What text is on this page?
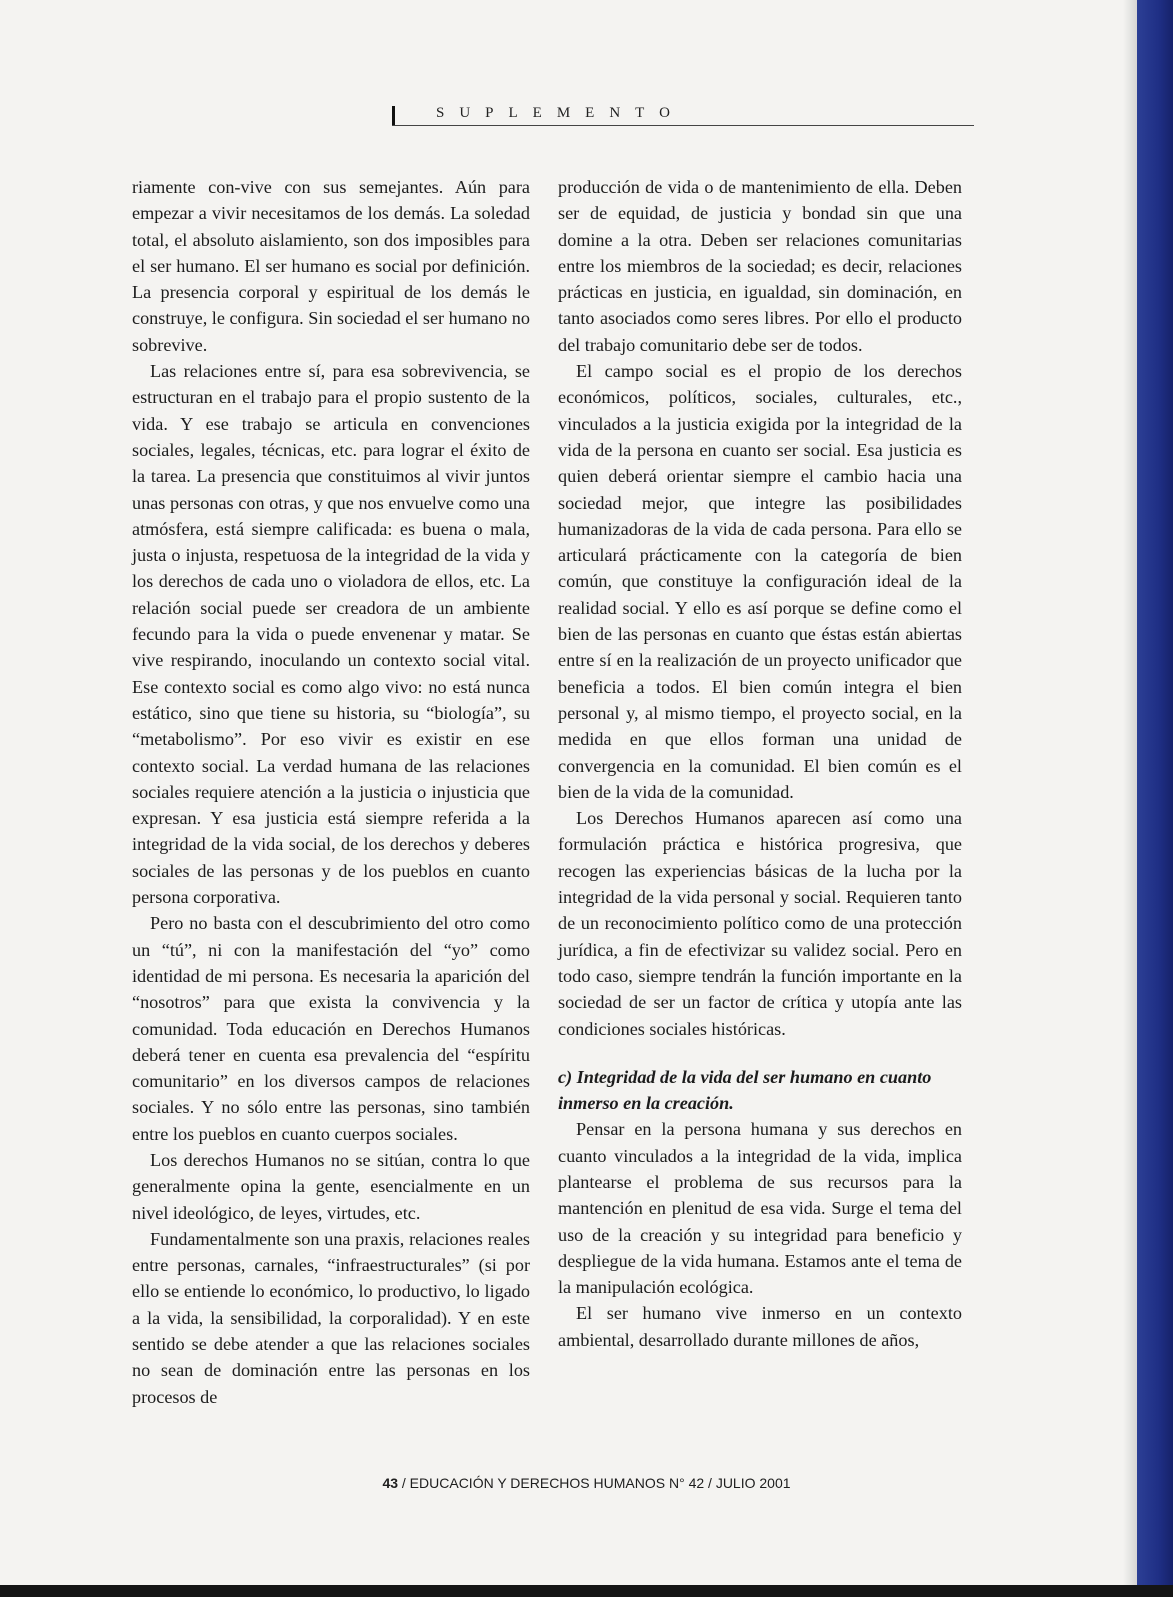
SUPLEMENTO

riamente con-vive con sus semejantes. Aún para empezar a vivir necesitamos de los demás. La soledad total, el absoluto aislamiento, son dos imposibles para el ser humano. El ser humano es social por definición. La presencia corporal y espiritual de los demás le construye, le configura. Sin sociedad el ser humano no sobrevive.

Las relaciones entre sí, para esa sobrevivencia, se estructuran en el trabajo para el propio sustento de la vida. Y ese trabajo se articula en convenciones sociales, legales, técnicas, etc. para lograr el éxito de la tarea. La presencia que constituimos al vivir juntos unas personas con otras, y que nos envuelve como una atmósfera, está siempre calificada: es buena o mala, justa o injusta, respetuosa de la integridad de la vida y los derechos de cada uno o violadora de ellos, etc. La relación social puede ser creadora de un ambiente fecundo para la vida o puede envenenar y matar. Se vive respirando, inoculando un contexto social vital. Ese contexto social es como algo vivo: no está nunca estático, sino que tiene su historia, su “biología”, su “metabolismo”. Por eso vivir es existir en ese contexto social. La verdad humana de las relaciones sociales requiere atención a la justicia o injusticia que expresan. Y esa justicia está siempre referida a la integridad de la vida social, de los derechos y deberes sociales de las personas y de los pueblos en cuanto persona corporativa.

Pero no basta con el descubrimiento del otro como un “tú”, ni con la manifestación del “yo” como identidad de mi persona. Es necesaria la aparición del “nosotros” para que exista la convivencia y la comunidad. Toda educación en Derechos Humanos deberá tener en cuenta esa prevalencia del “espíritu comunitario” en los diversos campos de relaciones sociales. Y no sólo entre las personas, sino también entre los pueblos en cuanto cuerpos sociales.

Los derechos Humanos no se sitúan, contra lo que generalmente opina la gente, esencialmente en un nivel ideológico, de leyes, virtudes, etc.

Fundamentalmente son una praxis, relaciones reales entre personas, carnales, “infraestructurales” (si por ello se entiende lo económico, lo productivo, lo ligado a la vida, la sensibilidad, la corporalidad). Y en este sentido se debe atender a que las relaciones sociales no sean de dominación entre las personas en los procesos de

producción de vida o de mantenimiento de ella. Deben ser de equidad, de justicia y bondad sin que una domine a la otra. Deben ser relaciones comunitarias entre los miembros de la sociedad; es decir, relaciones prácticas en justicia, en igualdad, sin dominación, en tanto asociados como seres libres. Por ello el producto del trabajo comunitario debe ser de todos.

El campo social es el propio de los derechos económicos, políticos, sociales, culturales, etc., vinculados a la justicia exigida por la integridad de la vida de la persona en cuanto ser social. Esa justicia es quien deberá orientar siempre el cambio hacia una sociedad mejor, que integre las posibilidades humanizadoras de la vida de cada persona. Para ello se articulará prácticamente con la categoría de bien común, que constituye la configuración ideal de la realidad social. Y ello es así porque se define como el bien de las personas en cuanto que éstas están abiertas entre sí en la realización de un proyecto unificador que beneficia a todos. El bien común integra el bien personal y, al mismo tiempo, el proyecto social, en la medida en que ellos forman una unidad de convergencia en la comunidad. El bien común es el bien de la vida de la comunidad.

Los Derechos Humanos aparecen así como una formulación práctica e histórica progresiva, que recogen las experiencias básicas de la lucha por la integridad de la vida personal y social. Requieren tanto de un reconocimiento político como de una protección jurídica, a fin de efectivizar su validez social. Pero en todo caso, siempre tendrán la función importante en la sociedad de ser un factor de crítica y utopía ante las condiciones sociales históricas.

c) Integridad de la vida del ser humano en cuanto inmerso en la creación.

Pensar en la persona humana y sus derechos en cuanto vinculados a la integridad de la vida, implica plantearse el problema de sus recursos para la mantención en plenitud de esa vida. Surge el tema del uso de la creación y su integridad para beneficio y despliegue de la vida humana. Estamos ante el tema de la manipulación ecológica.

El ser humano vive inmerso en un contexto ambiental, desarrollado durante millones de años,

43 / EDUCACIÓN Y DERECHOS HUMANOS N° 42 / JULIO 2001
